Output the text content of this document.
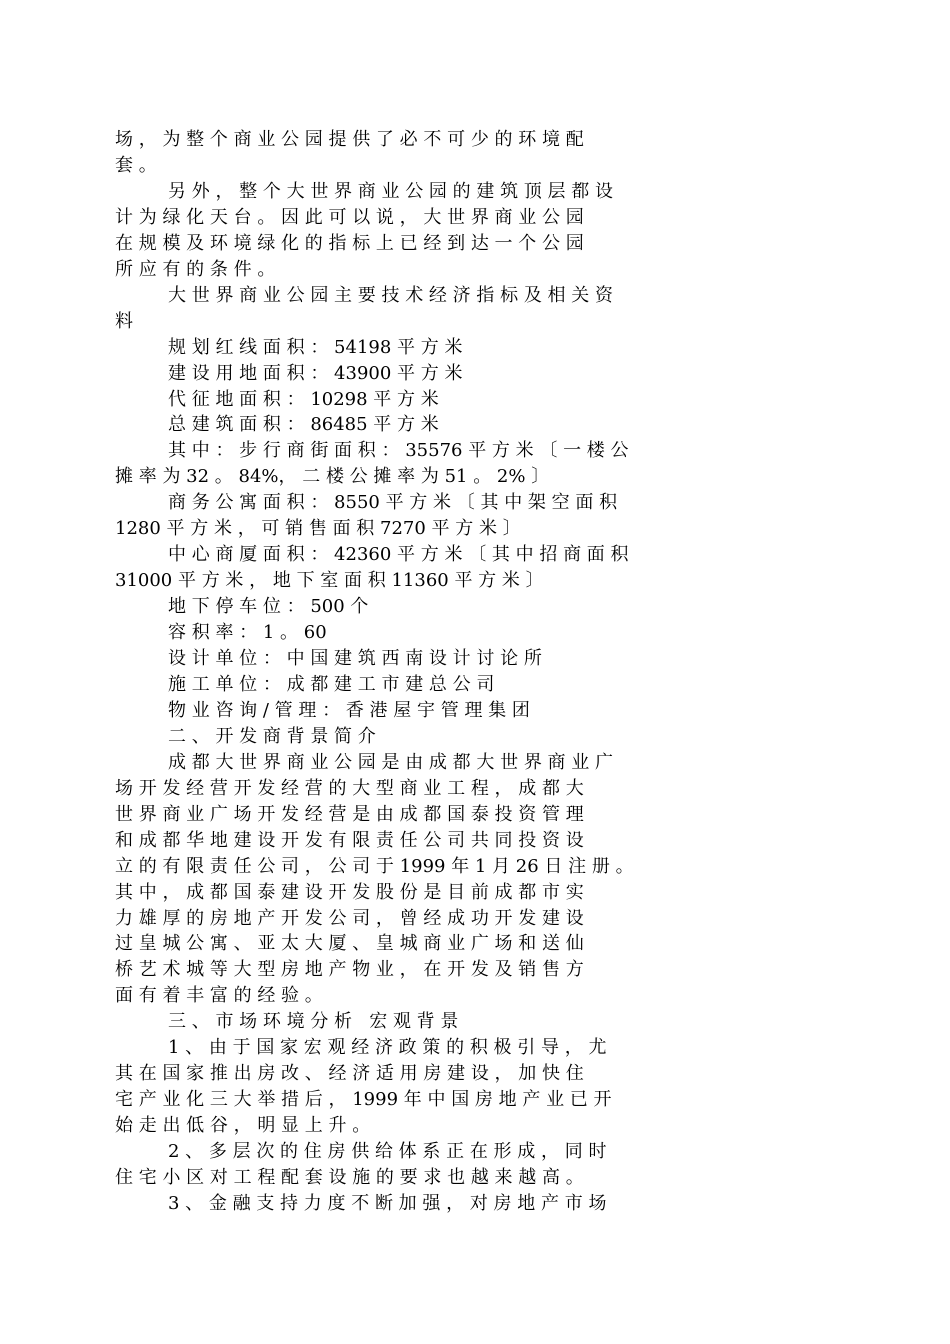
场 ， 为 整 个 商 业 公 园 提 供 了 必 不 可 少 的 环 境 配
套 。
另 外 ， 整 个 大 世 界 商 业 公 园 的 建 筑 顶 层 都 设
计 为 绿 化 天 台 。 因 此 可 以 说 ， 大 世 界 商 业 公 园
在 规 模 及 环 境 绿 化 的 指 标 上 已 经 到 达 一 个 公 园
所 应 有 的 条 件 。
大 世 界 商 业 公 园 主 要 技 术 经 济 指 标 及 相 关 资
料
规 划 红 线 面 积 ： 54198 平 方 米
建 设 用 地 面 积 ： 43900 平 方 米
代 征 地 面 积 ： 10298 平 方 米
总 建 筑 面 积 ： 86485 平 方 米
其 中 ： 步 行 商 街 面 积 ： 35576 平 方 米 〔 一 楼 公
摊 率 为 32 。 84%， 二 楼 公 摊 率 为 51 。 2% 〕
商 务 公 寓 面 积 ： 8550 平 方 米 〔 其 中 架 空 面 积
1280 平 方 米 ， 可 销 售 面 积 7270 平 方 米 〕
中 心 商 厦 面 积 ： 42360 平 方 米 〔 其 中 招 商 面 积
31000 平 方 米 ， 地 下 室 面 积 11360 平 方 米 〕
地 下 停 车 位 ： 500 个
容 积 率 ： 1 。 60
设 计 单 位 ： 中 国 建 筑 西 南 设 计 讨 论 所
施 工 单 位 ： 成 都 建 工 市 建 总 公 司
物 业 咨 询 / 管 理 ： 香 港 屋 宇 管 理 集 团
二 、 开 发 商 背 景 简 介
成 都 大 世 界 商 业 公 园 是 由 成 都 大 世 界 商 业 广
场 开 发 经 营 开 发 经 营 的 大 型 商 业 工 程 ， 成 都 大
世 界 商 业 广 场 开 发 经 营 是 由 成 都 国 泰 投 资 管 理
和 成 都 华 地 建 设 开 发 有 限 责 任 公 司 共 同 投 资 设
立 的 有 限 责 任 公 司 ， 公 司 于 1999 年 1 月 26 日 注 册 。
其 中 ， 成 都 国 泰 建 设 开 发 股 份 是 目 前 成 都 市 实
力 雄 厚 的 房 地 产 开 发 公 司 ， 曾 经 成 功 开 发 建 设
过 皇 城 公 寓 、 亚 太 大 厦 、 皇 城 商 业 广 场 和 送 仙
桥 艺 术 城 等 大 型 房 地 产 物 业 ， 在 开 发 及 销 售 方
面 有 着 丰 富 的 经 验 。
三 、 市 场 环 境 分 析   宏 观 背 景
1 、 由 于 国 家 宏 观 经 济 政 策 的 积 极 引 导 ， 尤
其 在 国 家 推 出 房 改 、 经 济 适 用 房 建 设 ， 加 快 住
宅 产 业 化 三 大 举 措 后 ， 1999 年 中 国 房 地 产 业 已 开
始 走 出 低 谷 ， 明 显 上 升 。
2 、 多 层 次 的 住 房 供 给 体 系 正 在 形 成 ， 同 时
住 宅 小 区 对 工 程 配 套 设 施 的 要 求 也 越 来 越 高 。
3 、 金 融 支 持 力 度 不 断 加 强 ， 对 房 地 产 市 场
